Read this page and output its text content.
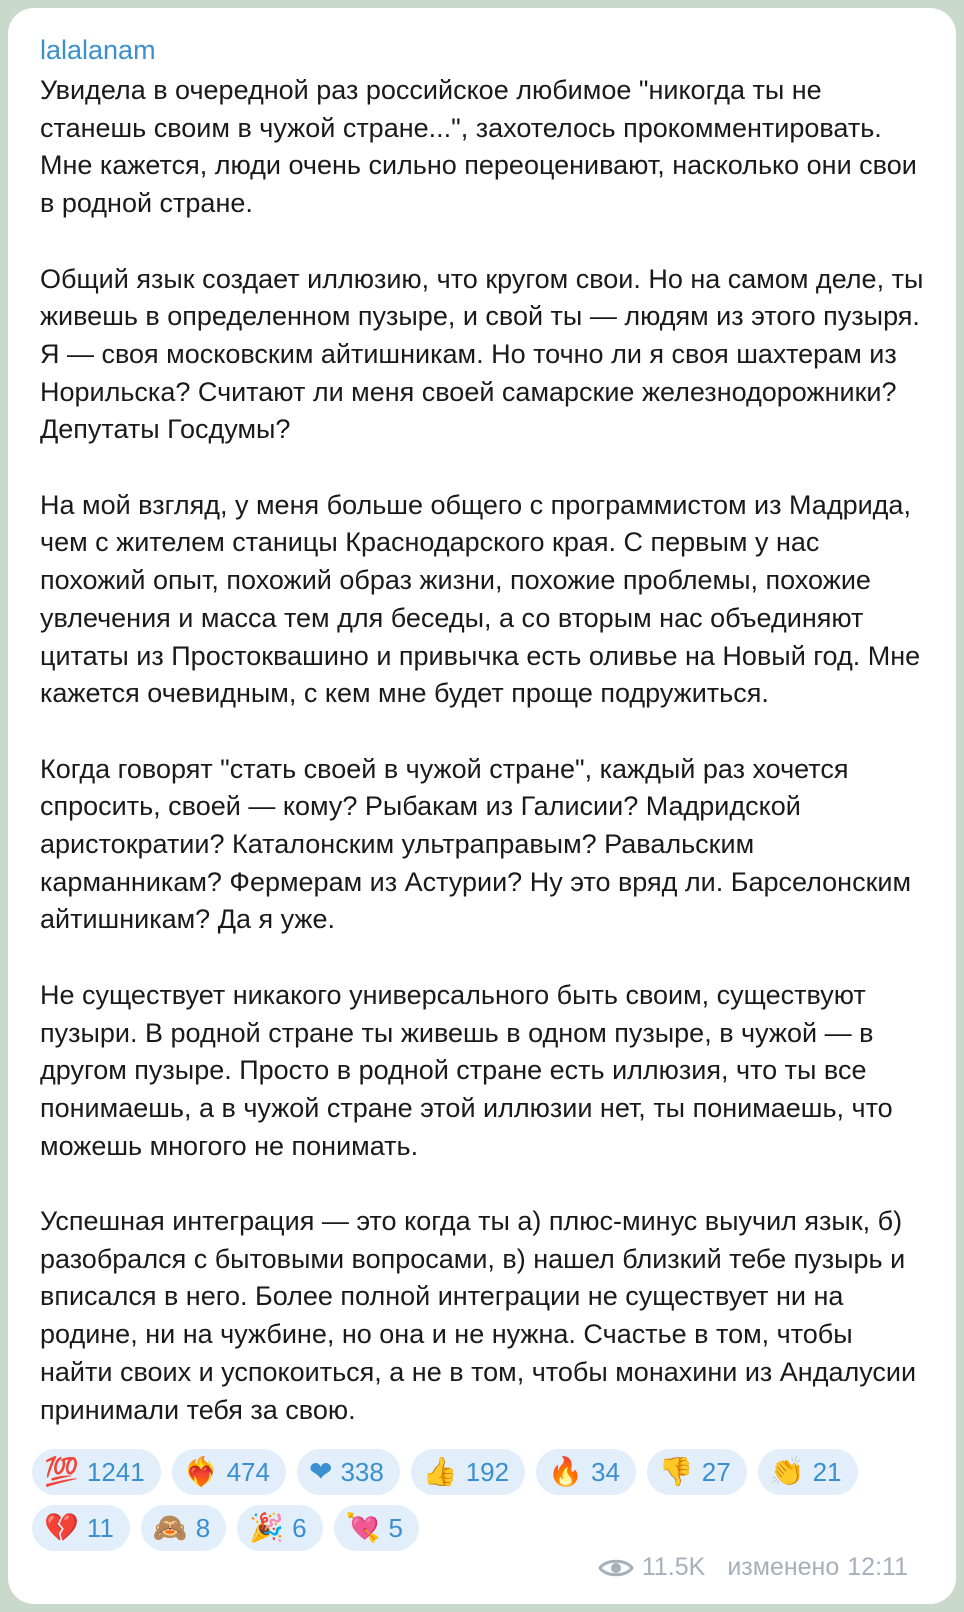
lalalanam

Увидела в очередной раз российское любимое "никогда ты не станешь своим в чужой стране...", захотелось прокомментировать. Мне кажется, люди очень сильно переоценивают, насколько они свои в родной стране.

Общий язык создает иллюзию, что кругом свои. Но на самом деле, ты живешь в определенном пузыре, и свой ты — людям из этого пузыря. Я — своя московским айтишникам. Но точно ли я своя шахтерам из Норильска? Считают ли меня своей самарские железнодорожники? Депутаты Госдумы?

На мой взгляд, у меня больше общего с программистом из Мадрида, чем с жителем станицы Краснодарского края. С первым у нас похожий опыт, похожий образ жизни, похожие проблемы, похожие увлечения и масса тем для беседы, а со вторым нас объединяют цитаты из Простоквашино и привычка есть оливье на Новый год. Мне кажется очевидным, с кем мне будет проще подружиться.

Когда говорят "стать своей в чужой стране", каждый раз хочется спросить, своей — кому? Рыбакам из Галисии? Мадридской аристократии? Каталонским ультраправым? Равальским карманникам? Фермерам из Астурии? Ну это вряд ли. Барселонским айтишникам? Да я уже.

Не существует никакого универсального быть своим, существуют пузыри. В родной стране ты живешь в одном пузыре, в чужой — в другом пузыре. Просто в родной стране есть иллюзия, что ты все понимаешь, а в чужой стране этой иллюзии нет, ты понимаешь, что можешь многого не понимать.

Успешная интеграция — это когда ты а) плюс-минус выучил язык, б) разобрался с бытовыми вопросами, в) нашел близкий тебе пузырь и вписался в него. Более полной интеграции не существует ни на родине, ни на чужбине, но она и не нужна. Счастье в том, чтобы найти своих и успокоиться, а не в том, чтобы монахини из Андалусии принимали тебя за свою.

💯 1241 ❤‍🔥 474 ❤ 338 👍 192 🔥 34 👎 27 👏 21
💔 11 🙈 8 🎉 6 💘 5
11.5K изменено 12:11
